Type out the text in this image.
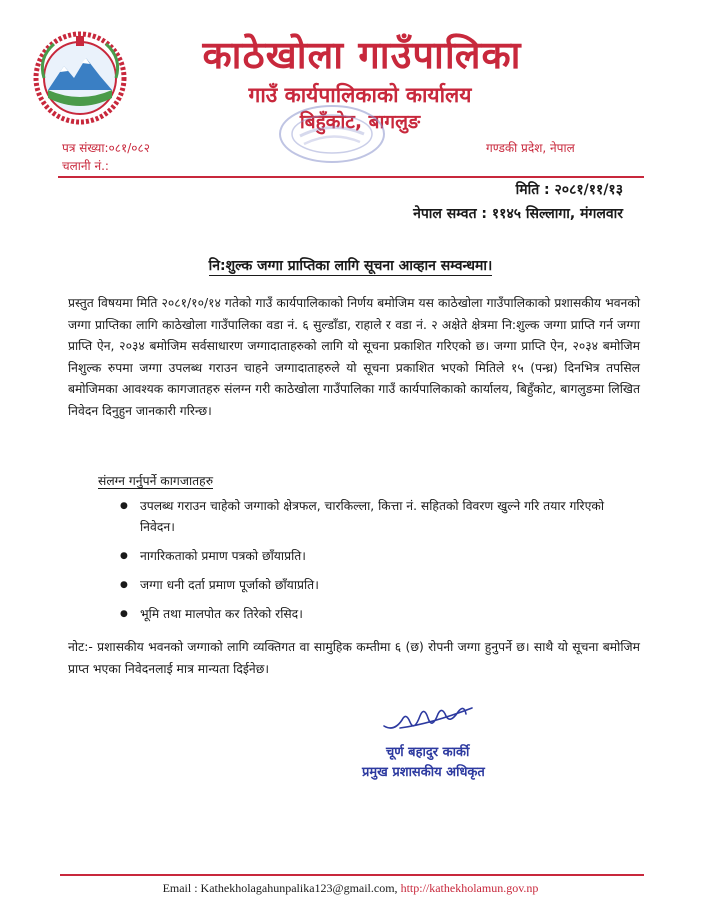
काठेखोला गाउँपालिका
गाउँ कार्यपालिकाको कार्यालय
बिहुँकोट, बागलुङ
पत्र संख्या:०८१/०८२
चलानी नं.:
गण्डकी प्रदेश, नेपाल
मिति : २०८१/११/१३
नेपाल सम्वत : ११४५ सिल्लागा, मंगलवार
नि:शुल्क जग्गा प्राप्तिका लागि सूचना आव्हान सम्वन्धमा।
प्रस्तुत विषयमा मिति २०८१/१०/१४ गतेको गाउँ कार्यपालिकाको निर्णय बमोजिम यस काठेखोला गाउँपालिकाको प्रशासकीय भवनको जग्गा प्राप्तिका लागि काठेखोला गाउँपालिका वडा नं. ६ सुल्डाँडा, राहाले र वडा नं. २ अक्षेते क्षेत्रमा नि:शुल्क जग्गा प्राप्ति गर्न जग्गा प्राप्ति ऐन, २०३४ बमोजिम सर्वसाधारण जग्गादाताहरुको लागि यो सूचना प्रकाशित गरिएको छ। जग्गा प्राप्ति ऐन, २०३४ बमोजिम निशुल्क रुपमा जग्गा उपलब्ध गराउन चाहने जग्गादाताहरुले यो सूचना प्रकाशित भएको मितिले १५ (पन्ध्र) दिनभित्र तपसिल बमोजिमका आवश्यक कागजातहरु संलग्न गरी काठेखोला गाउँपालिका गाउँ कार्यपालिकाको कार्यालय, बिहुँकोट, बागलुङमा लिखित निवेदन दिनुहुन जानकारी गरिन्छ।
संलग्न गर्नुपर्ने कागजातहरु
● उपलब्ध गराउन चाहेको जग्गाको क्षेत्रफल, चारकिल्ला, कित्ता नं. सहितको विवरण खुल्ने गरि तयार गरिएको निवेदन।
● नागरिकताको प्रमाण पत्रको छाँयाप्रति।
● जग्गा धनी दर्ता प्रमाण पूर्जाको छाँयाप्रति।
● भूमि तथा मालपोत कर तिरेको रसिद।
नोट:- प्रशासकीय भवनको जग्गाको लागि व्यक्तिगत वा सामुहिक कम्तीमा ६ (छ) रोपनी जग्गा हुनुपर्ने छ। साथै यो सूचना बमोजिम प्राप्त भएका निवेदनलाई मात्र मान्यता दिईनेछ।
चूर्ण बहादुर कार्की
प्रमुख प्रशासकीय अधिकृत
Email : Kathekholagahunpalika123@gmail.com, http://kathekholamun.gov.np
